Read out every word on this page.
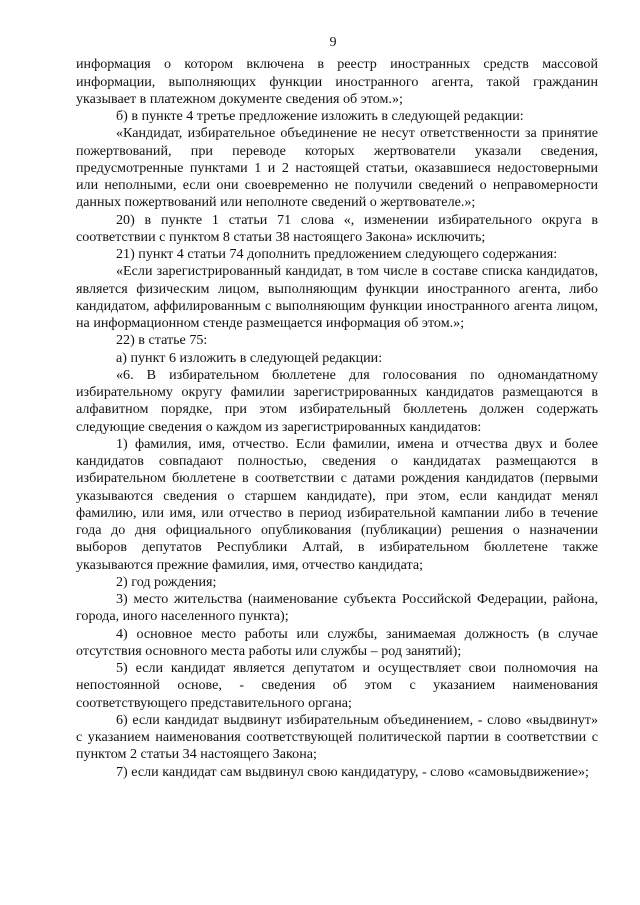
9

информация о котором включена в реестр иностранных средств массовой информации, выполняющих функции иностранного агента, такой гражданин указывает в платежном документе сведения об этом.»;

б) в пункте 4 третье предложение изложить в следующей редакции:

«Кандидат, избирательное объединение не несут ответственности за принятие пожертвований, при переводе которых жертвователи указали сведения, предусмотренные пунктами 1 и 2 настоящей статьи, оказавшиеся недостоверными или неполными, если они своевременно не получили сведений о неправомерности данных пожертвований или неполноте сведений о жертвователе.»;

20) в пункте 1 статьи 71 слова «, изменении избирательного округа в соответствии с пунктом 8 статьи 38 настоящего Закона» исключить;

21) пункт 4 статьи 74 дополнить предложением следующего содержания:

«Если зарегистрированный кандидат, в том числе в составе списка кандидатов, является физическим лицом, выполняющим функции иностранного агента, либо кандидатом, аффилированным с выполняющим функции иностранного агента лицом, на информационном стенде размещается информация об этом.»;

22) в статье 75:

а) пункт 6 изложить в следующей редакции:

«6. В избирательном бюллетене для голосования по одномандатному избирательному округу фамилии зарегистрированных кандидатов размещаются в алфавитном порядке, при этом избирательный бюллетень должен содержать следующие сведения о каждом из зарегистрированных кандидатов:

1) фамилия, имя, отчество. Если фамилии, имена и отчества двух и более кандидатов совпадают полностью, сведения о кандидатах размещаются в избирательном бюллетене в соответствии с датами рождения кандидатов (первыми указываются сведения о старшем кандидате), при этом, если кандидат менял фамилию, или имя, или отчество в период избирательной кампании либо в течение года до дня официального опубликования (публикации) решения о назначении выборов депутатов Республики Алтай, в избирательном бюллетене также указываются прежние фамилия, имя, отчество кандидата;

2) год рождения;

3) место жительства (наименование субъекта Российской Федерации, района, города, иного населенного пункта);

4) основное место работы или службы, занимаемая должность (в случае отсутствия основного места работы или службы – род занятий);

5) если кандидат является депутатом и осуществляет свои полномочия на непостоянной основе, - сведения об этом с указанием наименования соответствующего представительного органа;

6) если кандидат выдвинут избирательным объединением, - слово «выдвинут» с указанием наименования соответствующей политической партии в соответствии с пунктом 2 статьи 34 настоящего Закона;

7) если кандидат сам выдвинул свою кандидатуру, - слово «самовыдвижение»;
